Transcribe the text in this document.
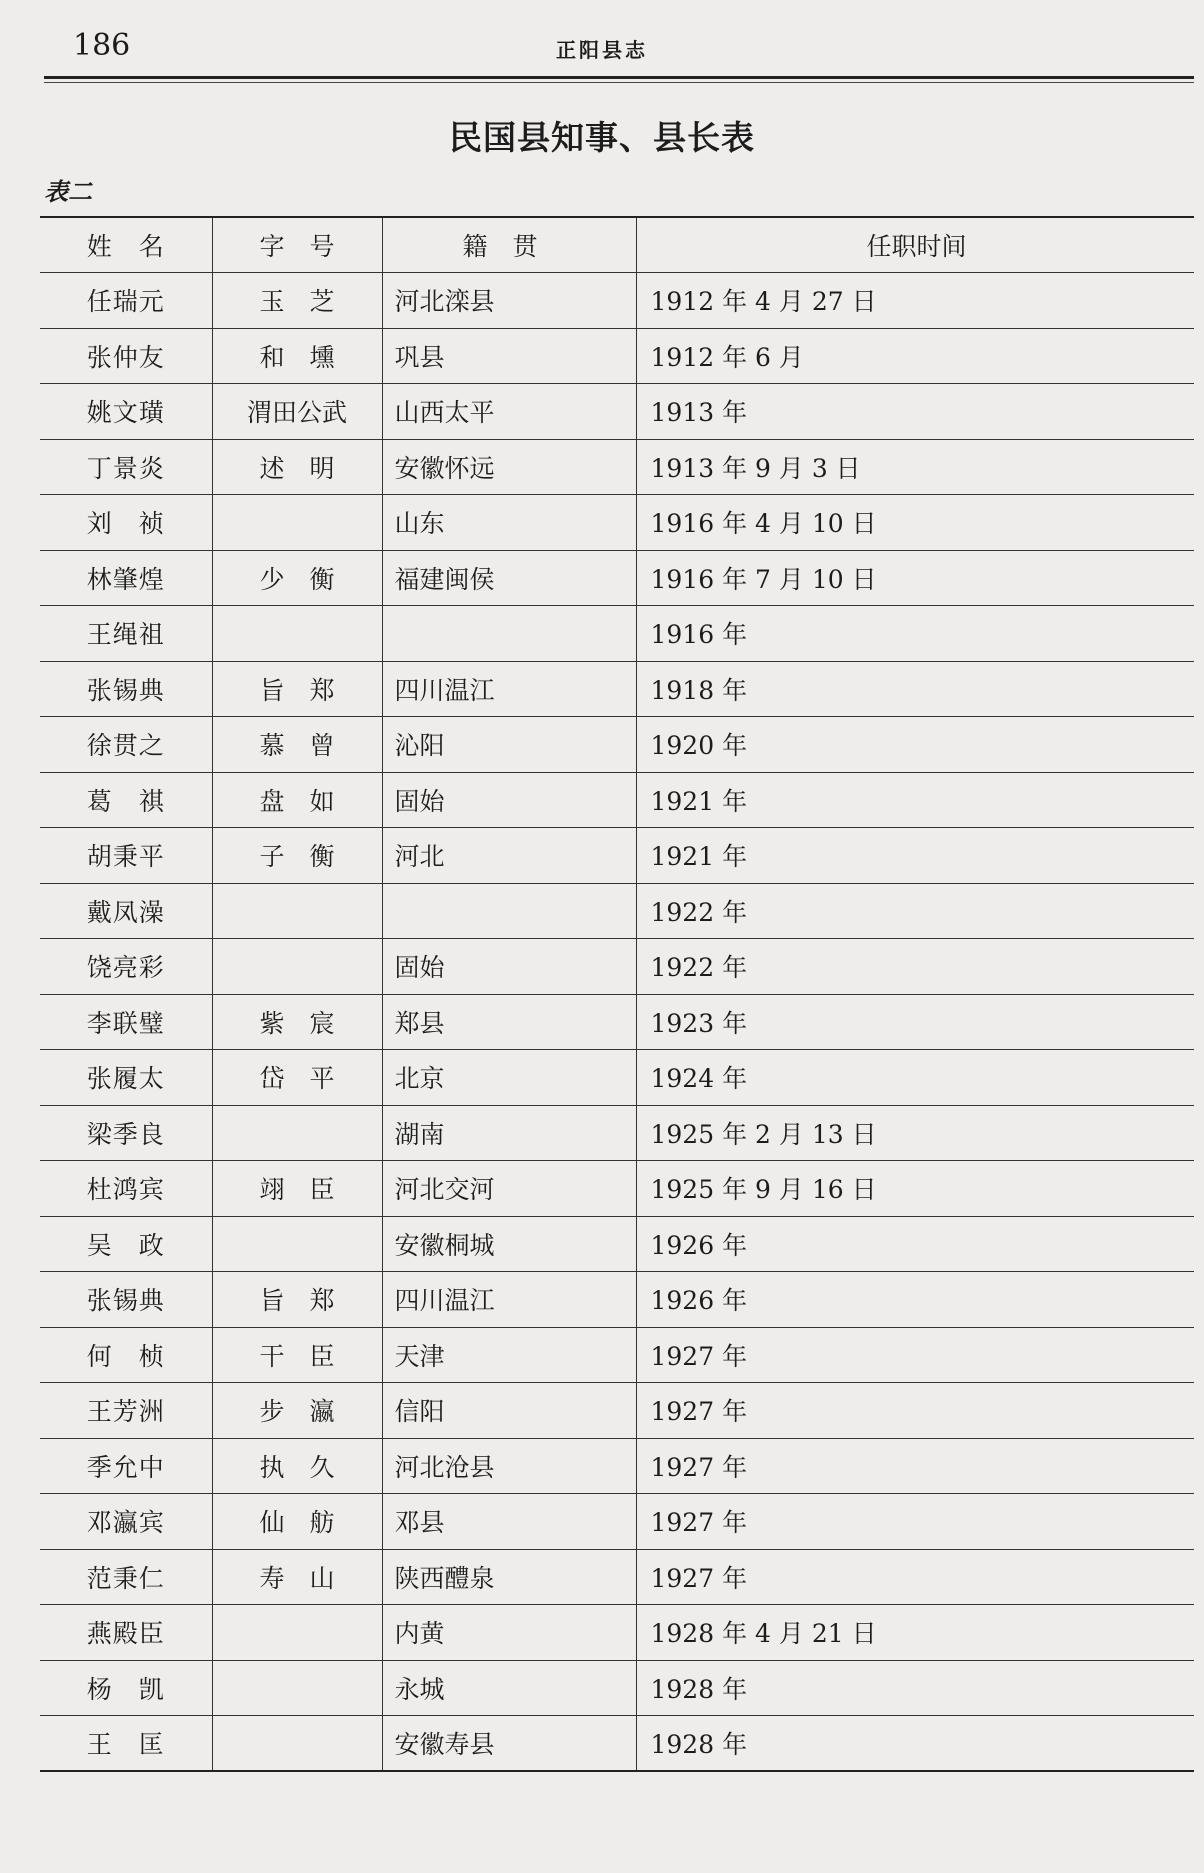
186	正阳县志
民国县知事、县长表
表二
姓　名	字　号	籍　贯	任职时间
任瑞元	玉　芝	河北滦县	1912 年 4 月 27 日
张仲友	和　壎	巩县	1912 年 6 月
姚文璜	渭田公武	山西太平	1913 年
丁景炎	述　明	安徽怀远	1913 年 9 月 3 日
刘　祯		山东	1916 年 4 月 10 日
林肇煌	少　衡	福建闽侯	1916 年 7 月 10 日
王绳祖			1916 年
张锡典	旨　郑	四川温江	1918 年
徐贯之	慕　曾	沁阳	1920 年
葛　祺	盘　如	固始	1921 年
胡秉平	子　衡	河北	1921 年
戴凤澡			1922 年
饶亮彩		固始	1922 年
李联璧	紫　宸	郑县	1923 年
张履太	岱　平	北京	1924 年
梁季良		湖南	1925 年 2 月 13 日
杜鸿宾	翊　臣	河北交河	1925 年 9 月 16 日
吴　政		安徽桐城	1926 年
张锡典	旨　郑	四川温江	1926 年
何　桢	干　臣	天津	1927 年
王芳洲	步　瀛	信阳	1927 年
季允中	执　久	河北沧县	1927 年
邓瀛宾	仙　舫	邓县	1927 年
范秉仁	寿　山	陕西醴泉	1927 年
燕殿臣		内黄	1928 年 4 月 21 日
杨　凯		永城	1928 年
王　匡		安徽寿县	1928 年
